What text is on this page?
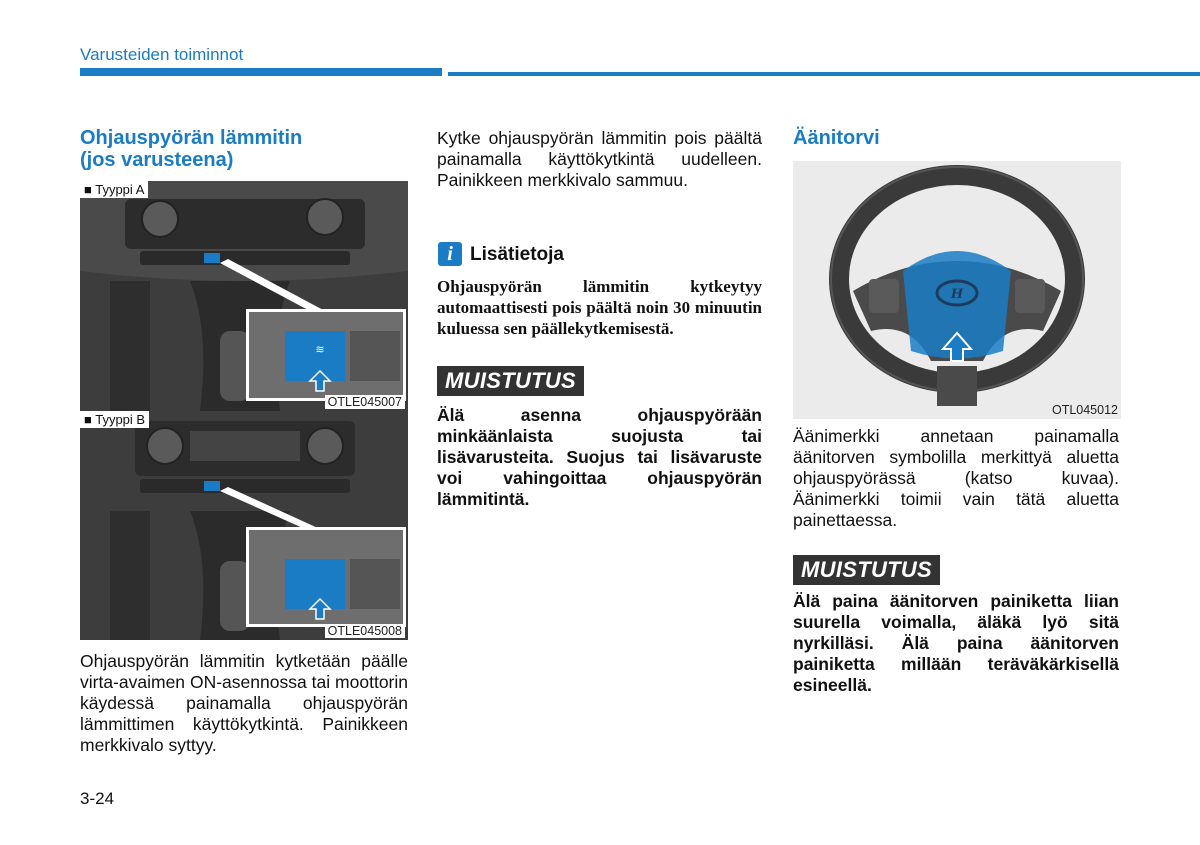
Varusteiden toiminnot
Ohjauspyörän lämmitin
(jos varusteena)
≋
■ Tyyppi A
OTLE045007
■ Tyyppi B
OTLE045008
Ohjauspyörän lämmitin kytketään päälle virta-avaimen ON-asennossa tai moottorin käydessä painamalla ohjauspyörän lämmittimen käyttökytkintä. Painikkeen merkkivalo syttyy.
Kytke ohjauspyörän lämmitin pois päältä painamalla käyttökytkintä uudelleen. Painikkeen merkkivalo sammuu.
i Lisätietoja
Ohjauspyörän lämmitin kytkeytyy automaattisesti pois päältä noin 30 minuutin kuluessa sen päällekytkemisestä.
MUISTUTUS
Älä asenna ohjauspyörään minkäänlaista suojusta tai lisävarusteita. Suojus tai lisävaruste voi vahingoittaa ohjauspyörän lämmitintä.
Äänitorvi
H
OTL045012
Äänimerkki annetaan painamalla äänitorven symbolilla merkittyä aluetta ohjauspyörässä (katso kuvaa). Äänimerkki toimii vain tätä aluetta painettaessa.
MUISTUTUS
Älä paina äänitorven painiketta liian suurella voimalla, äläkä lyö sitä nyrkilläsi. Älä paina äänitorven painiketta millään teräväkärkisellä esineellä.
3-24
